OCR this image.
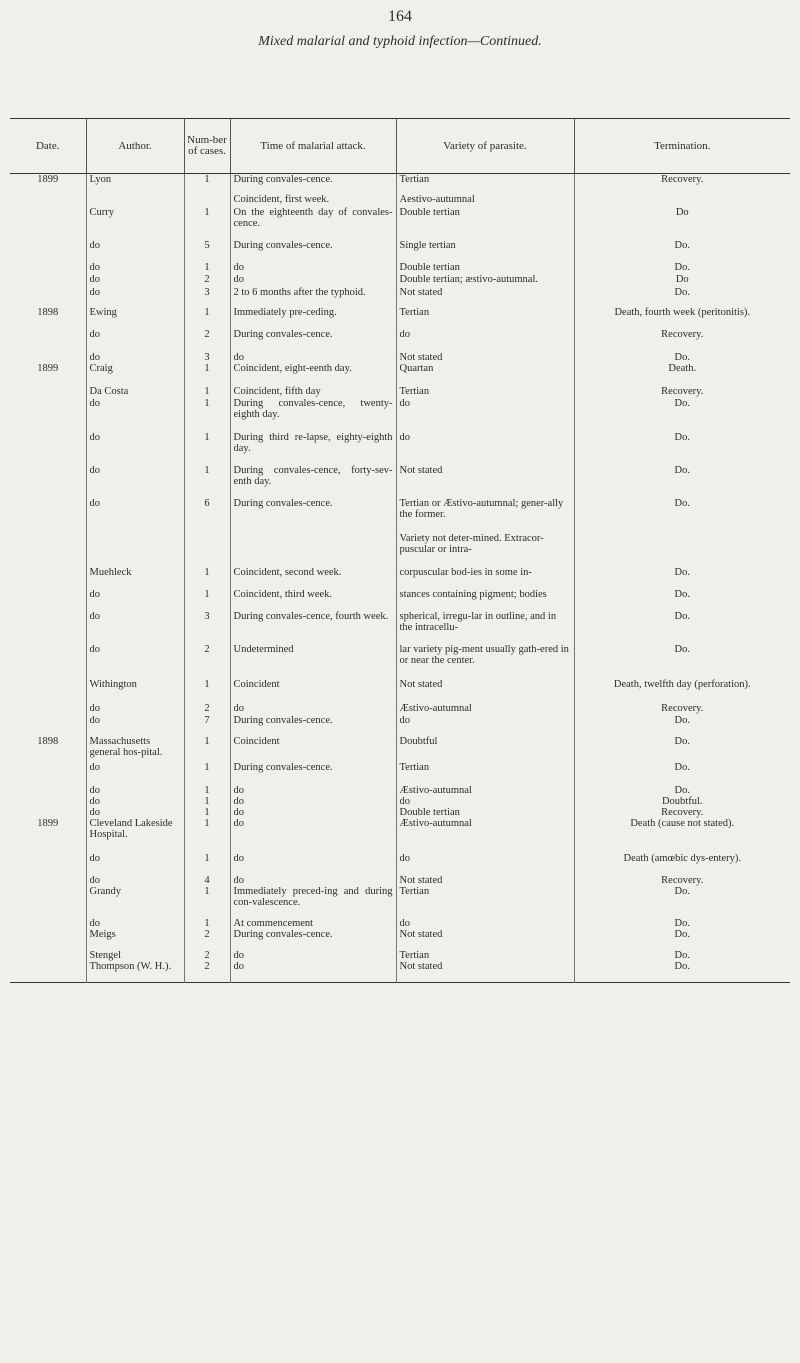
164
Mixed malarial and typhoid infection—Continued.
Date.	Author.	Num-ber of cases.	Time of malarial attack.	Variety of parasite.	Termination.
1899	Lyon	1	During convales-cence.	Tertian	Recovery.
			Coincident, first week.	Aestivo-autumnal	
	Curry	1	On the eighteenth day of convales-cence.	Double tertian	Do
	do	5	During convales-cence.	Single tertian	Do.
	do	1	do	Double tertian	Do.
	do	2	do	Double tertian; æstivo-autumnal.	Do
	do	3	2 to 6 months after the typhoid.	Not stated	Do.
1898	Ewing	1	Immediately pre-ceding.	Tertian	Death, fourth week (peritonitis).
	do	2	During convales-cence.	do	Recovery.
	do	3	do	Not stated	Do.
1899	Craig	1	Coincident, eight-eenth day.	Quartan	Death.
	Da Costa	1	Coincident, fifth day	Tertian	Recovery.
	do	1	During convales-cence, twenty-eighth day.	do	Do.
	do	1	During third re-lapse, eighty-eighth day.	do	Do.
	do	1	During convales-cence, forty-sev-enth day.	Not stated	Do.
	do	6	During convales-cence.	Tertian or Æstivo-autumnal; gener-ally the former.	Do.
				Variety not deter-mined. Extracor-puscular or intra-	
	Muehleck	1	Coincident, second week.	corpuscular bod-ies in some in-	Do.
	do	1	Coincident, third week.	stances containing pigment; bodies	Do.
	do	3	During convales-cence, fourth week.	spherical, irregu-lar in outline, and in the intracellu-	Do.
	do	2	Undetermined	lar variety pig-ment usually gath-ered in or near the center.	Do.
	Withington	1	Coincident	Not stated	Death, twelfth day (perforation).
	do	2	do	Æstivo-autumnal	Recovery.
	do	7	During convales-cence.	do	Do.
1898	Massachusetts general hos-pital.	1	Coincident	Doubtful	Do.
	do	1	During convales-cence.	Tertian	Do.
	do	1	do	Æstivo-autumnal	Do.
	do	1	do	do	Doubtful.
	do	1	do	Double tertian	Recovery.
1899	Cleveland Lakeside Hospital.	1	do	Æstivo-autumnal	Death (cause not stated).
	do	1	do	do	Death (amœbic dys-entery).
	do	4	do	Not stated	Recovery.
	Grandy	1	Immediately preced-ing and during con-valescence.	Tertian	Do.
	do	1	At commencement	do	Do.
	Meigs	2	During convales-cence.	Not stated	Do.
	Stengel	2	do	Tertian	Do.
	Thompson (W. H.).	2	do	Not stated	Do.
